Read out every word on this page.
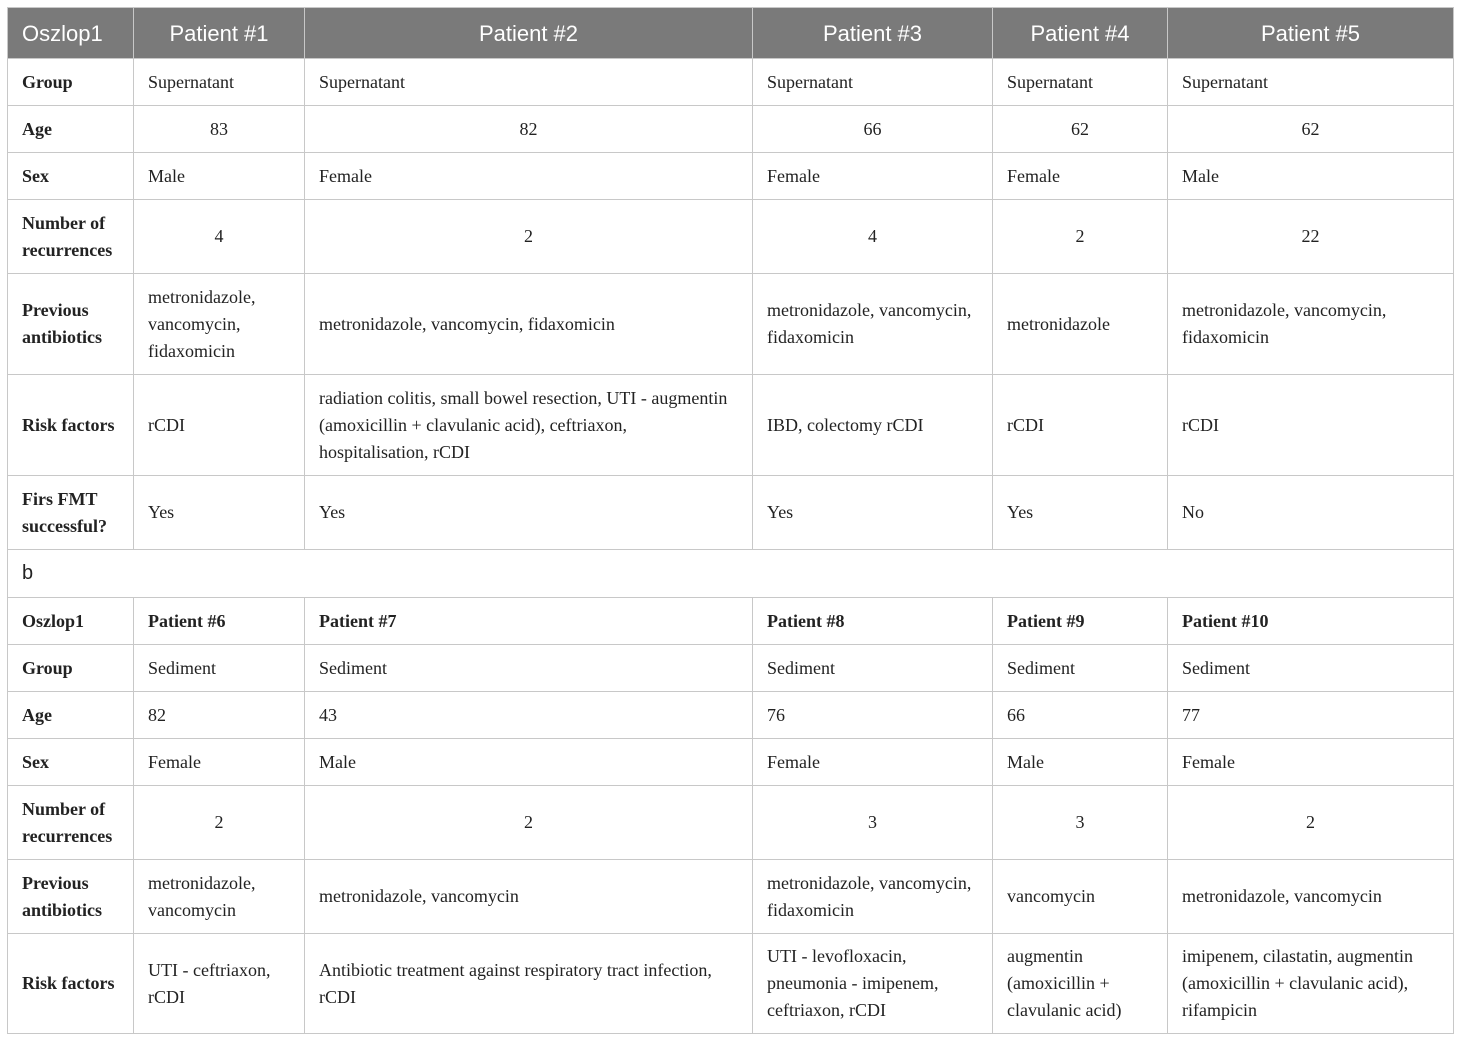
Oszlop1	Patient #1	Patient #2	Patient #3	Patient #4	Patient #5
Group	Supernatant	Supernatant	Supernatant	Supernatant	Supernatant
Age	83	82	66	62	62
Sex	Male	Female	Female	Female	Male
Number of recurrences	4	2	4	2	22
Previous antibiotics	metronidazole, vancomycin, fidaxomicin	metronidazole, vancomycin, fidaxomicin	metronidazole, vancomycin, fidaxomicin	metronidazole	metronidazole, vancomycin, fidaxomicin
Risk factors	rCDI	radiation colitis, small bowel resection, UTI - augmentin (amoxicillin + clavulanic acid), ceftriaxon, hospitalisation, rCDI	IBD, colectomy rCDI	rCDI	rCDI
Firs FMT successful?	Yes	Yes	Yes	Yes	No
b					
Oszlop1	Patient #6	Patient #7	Patient #8	Patient #9	Patient #10
Group	Sediment	Sediment	Sediment	Sediment	Sediment
Age	82	43	76	66	77
Sex	Female	Male	Female	Male	Female
Number of recurrences	2	2	3	3	2
Previous antibiotics	metronidazole, vancomycin	metronidazole, vancomycin	metronidazole, vancomycin, fidaxomicin	vancomycin	metronidazole, vancomycin
Risk factors	UTI - ceftriaxon, rCDI	Antibiotic treatment against respiratory tract infection, rCDI	UTI - levofloxacin, pneumonia - imipenem, ceftriaxon, rCDI	augmentin (amoxicillin + clavulanic acid)	imipenem, cilastatin, augmentin (amoxicillin + clavulanic acid), rifampicin
